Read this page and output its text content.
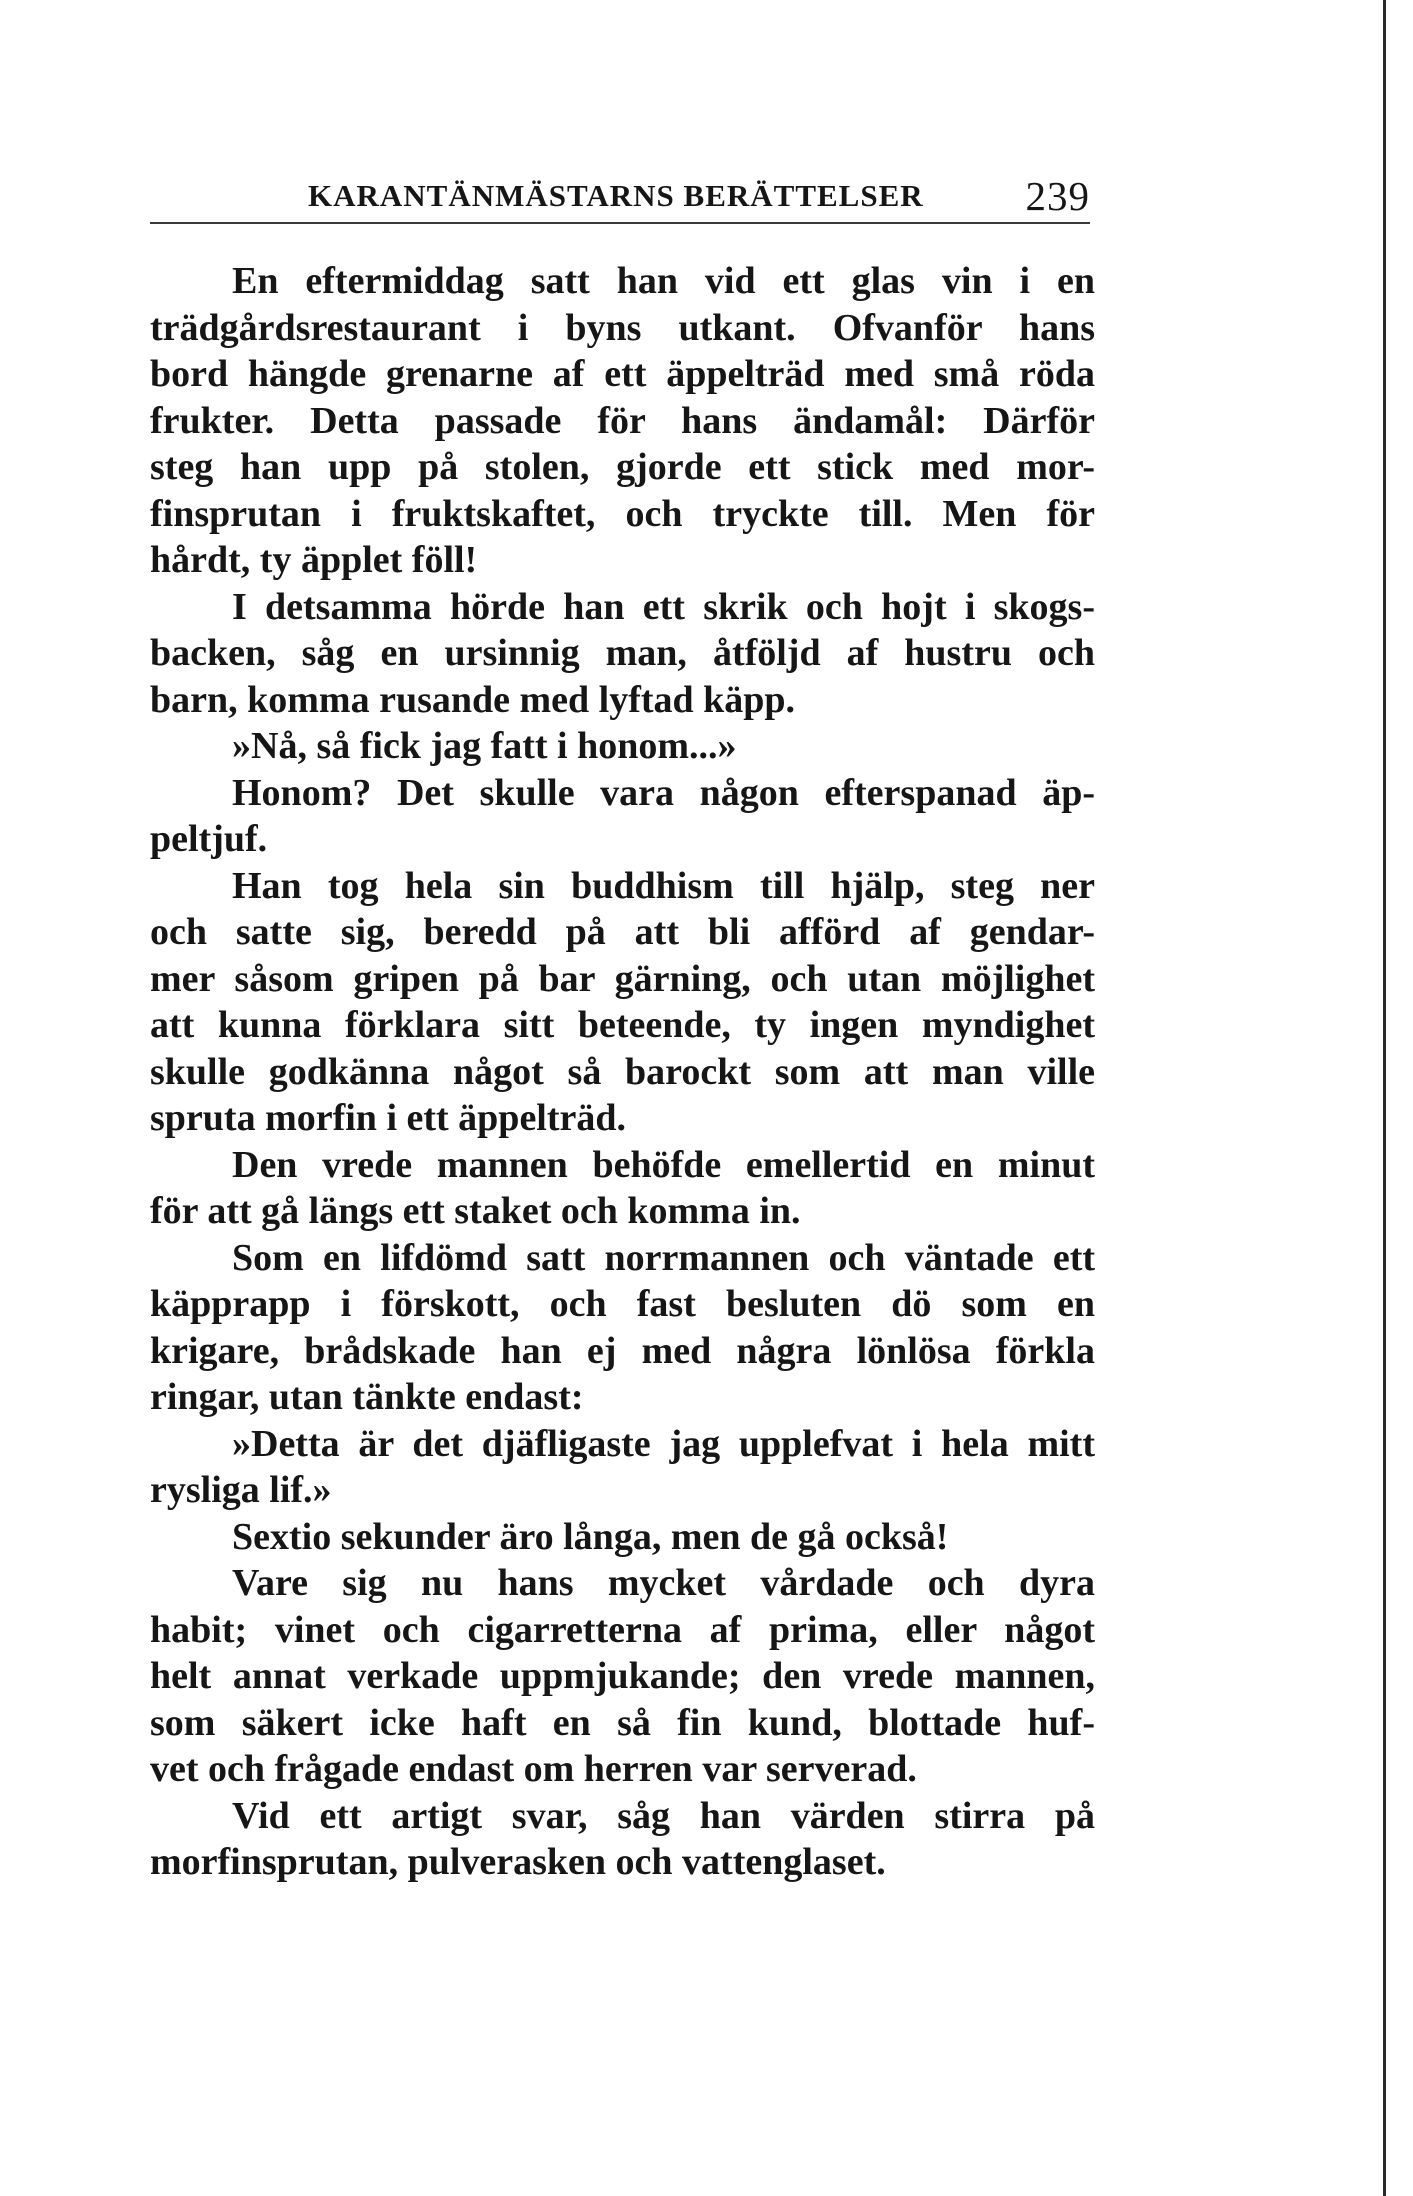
KARANTÄNMÄSTARNS BERÄTTELSER 239
En eftermiddag satt han vid ett glas vin i en
trädgårdsrestaurant i byns utkant. Ofvanför hans
bord hängde grenarne af ett äppelträd med små röda
frukter. Detta passade för hans ändamål: Därför
steg han upp på stolen, gjorde ett stick med mor-
finsprutan i fruktskaftet, och tryckte till. Men för
hårdt, ty äpplet föll!
I detsamma hörde han ett skrik och hojt i skogs-
backen, såg en ursinnig man, åtföljd af hustru och
barn, komma rusande med lyftad käpp.
»Nå, så fick jag fatt i honom...»
Honom? Det skulle vara någon efterspanad äp-
peltjuf.
Han tog hela sin buddhism till hjälp, steg ner
och satte sig, beredd på att bli afförd af gendar-
mer såsom gripen på bar gärning, och utan möjlighet
att kunna förklara sitt beteende, ty ingen myndighet
skulle godkänna något så barockt som att man ville
spruta morfin i ett äppelträd.
Den vrede mannen behöfde emellertid en minut
för att gå längs ett staket och komma in.
Som en lifdömd satt norrmannen och väntade ett
käpprapp i förskott, och fast besluten dö som en
krigare, brådskade han ej med några lönlösa förkla
ringar, utan tänkte endast:
»Detta är det djäfligaste jag upplefvat i hela mitt
rysliga lif.»
Sextio sekunder äro långa, men de gå också!
Vare sig nu hans mycket vårdade och dyra
habit; vinet och cigarretterna af prima, eller något
helt annat verkade uppmjukande; den vrede mannen,
som säkert icke haft en så fin kund, blottade huf-
vet och frågade endast om herren var serverad.
Vid ett artigt svar, såg han värden stirra på
morfinsprutan, pulverasken och vattenglaset.
